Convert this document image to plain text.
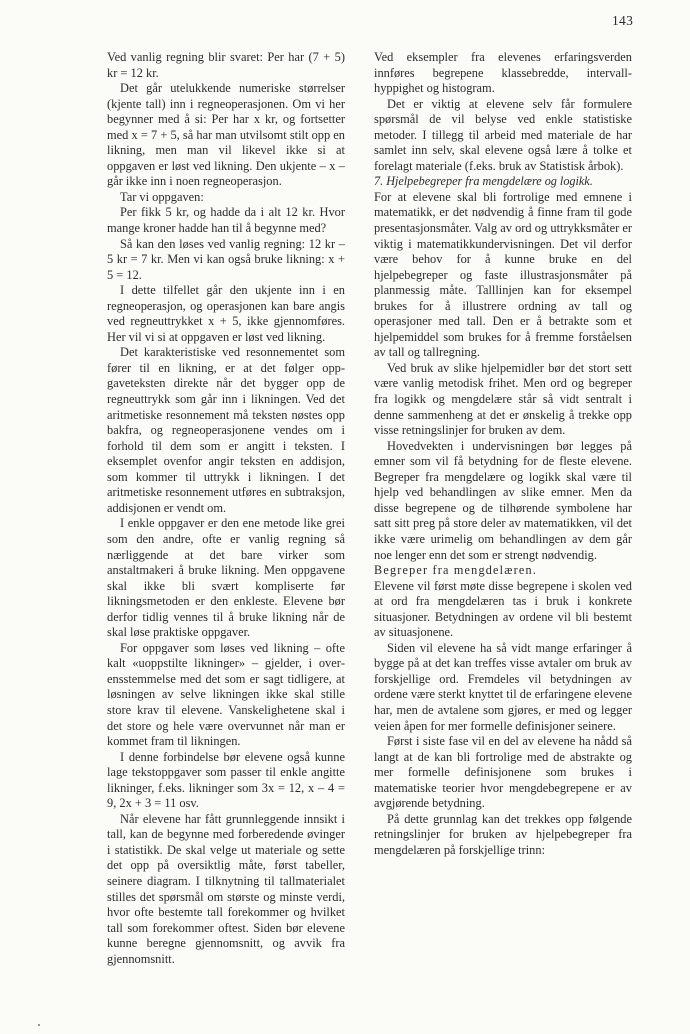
143

Ved vanlig regning blir svaret: Per har (7 + 5) kr = 12 kr.

Det går utelukkende numeriske størrelser (kjente tall) inn i regneoperasjonen. Om vi her begynner med å si: Per har x kr, og fortsetter med x = 7 + 5, så har man utvilsomt stilt opp en likning, men man vil likevel ikke si at oppgaven er løst ved likning. Den ukjente – x – går ikke inn i noen regneoperasjon.

Tar vi oppgaven:

Per fikk 5 kr, og hadde da i alt 12 kr. Hvor mange kroner hadde han til å begynne med?

Så kan den løses ved vanlig regning: 12 kr – 5 kr = 7 kr. Men vi kan også bruke likning: x + 5 = 12.

I dette tilfellet går den ukjente inn i en regneoperasjon, og operasjonen kan bare angis ved regneuttrykket x + 5, ikke gjennomføres. Her vil vi si at oppgaven er løst ved likning.

Det karakteristiske ved resonnementet som fører til en likning, er at det følger oppgaveteksten direkte når det bygger opp de regneuttrykk som går inn i likningen. Ved det aritmetiske resonnement må teksten nøstes opp bakfra, og regneoperasjonene vendes om i forhold til dem som er angitt i teksten. I eksemplet ovenfor angir teksten en addisjon, som kommer til uttrykk i likningen. I det aritmetiske resonnement utføres en subtraksjon, addisjonen er vendt om.

I enkle oppgaver er den ene metode like grei som den andre, ofte er vanlig regning så nærliggende at det bare virker som anstaltmakeri å bruke likning. Men oppgavene skal ikke bli svært kompliserte før likningsmetoden er den enkleste. Elevene bør derfor tidlig vennes til å bruke likning når de skal løse praktiske oppgaver.

For oppgaver som løses ved likning – ofte kalt «uoppstilte likninger» – gjelder, i overensstemmelse med det som er sagt tidligere, at løsningen av selve likningen ikke skal stille store krav til elevene. Vanskelighetene skal i det store og hele være overvunnet når man er kommet fram til likningen.

I denne forbindelse bør elevene også kunne lage tekstoppgaver som passer til enkle angitte likninger, f.eks. likninger som 3x = 12, x – 4 = 9, 2x + 3 = 11 osv.

Når elevene har fått grunnleggende innsikt i tall, kan de begynne med forberedende øvinger i statistikk. De skal velge ut materiale og sette det opp på oversiktlig måte, først tabeller, seinere diagram. I tilknytning til tallmaterialet stilles det spørsmål om største og minste verdi, hvor ofte bestemte tall forekommer og hvilket tall som forekommer oftest. Siden bør elevene kunne beregne gjennomsnitt, og avvik fra gjennomsnitt.

Ved eksempler fra elevenes erfaringsverden innføres begrepene klassebredde, intervallhyppighet og histogram.

Det er viktig at elevene selv får formulere spørsmål de vil belyse ved enkle statistiske metoder. I tillegg til arbeid med materiale de har samlet inn selv, skal elevene også lære å tolke et forelagt materiale (f.eks. bruk av Statistisk årbok).

7. Hjelpebegreper fra mengdelære og logikk.

For at elevene skal bli fortrolige med emnene i matematikk, er det nødvendig å finne fram til gode presentasjonsmåter. Valg av ord og uttrykksmåter er viktig i matematikkundervisningen. Det vil derfor være behov for å kunne bruke en del hjelpebegreper og faste illustrasjonsmåter på planmessig måte. Talllinjen kan for eksempel brukes for å illustrere ordning av tall og operasjoner med tall. Den er å betrakte som et hjelpemiddel som brukes for å fremme forståelsen av tall og tallregning.

Ved bruk av slike hjelpemidler bør det stort sett være vanlig metodisk frihet. Men ord og begreper fra logikk og mengdelære står så vidt sentralt i denne sammenheng at det er ønskelig å trekke opp visse retningslinjer for bruken av dem.

Hovedvekten i undervisningen bør legges på emner som vil få betydning for de fleste elevene. Begreper fra mengdelære og logikk skal være til hjelp ved behandlingen av slike emner. Men da disse begrepene og de tilhørende symbolene har satt sitt preg på store deler av matematikken, vil det ikke være urimelig om behandlingen av dem går noe lenger enn det som er strengt nødvendig.

Begreper fra mengdelæren.

Elevene vil først møte disse begrepene i skolen ved at ord fra mengdelæren tas i bruk i konkrete situasjoner. Betydningen av ordene vil bli bestemt av situasjonene.

Siden vil elevene ha så vidt mange erfaringer å bygge på at det kan treffes visse avtaler om bruk av forskjellige ord. Fremdeles vil betydningen av ordene være sterkt knyttet til de erfaringene elevene har, men de avtalene som gjøres, er med og legger veien åpen for mer formelle definisjoner seinere.

Først i siste fase vil en del av elevene ha nådd så langt at de kan bli fortrolige med de abstrakte og mer formelle definisjonene som brukes i matematiske teorier hvor mengdebegrepene er av avgjørende betydning.

På dette grunnlag kan det trekkes opp følgende retningslinjer for bruken av hjelpebegreper fra mengdelæren på forskjellige trinn:
